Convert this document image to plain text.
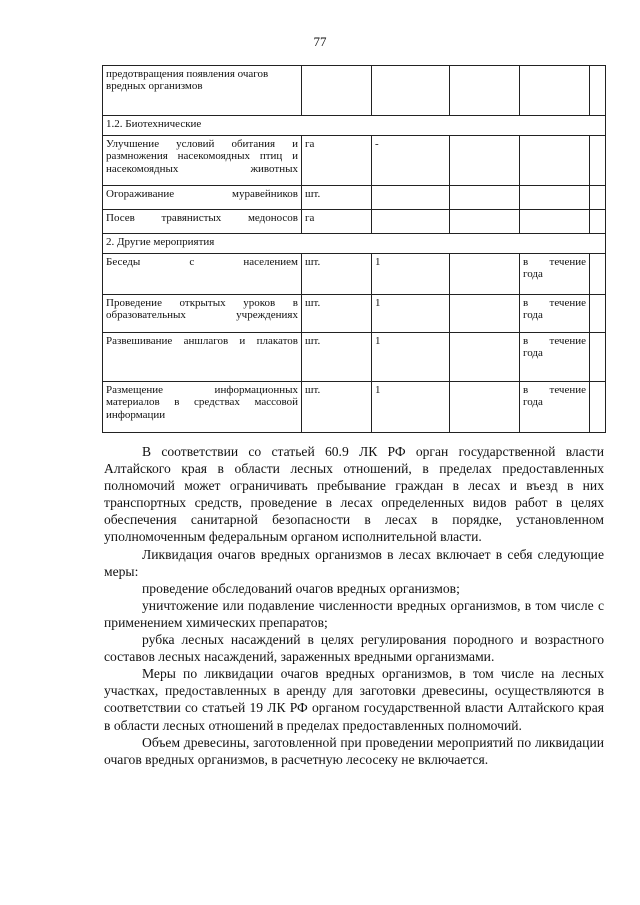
77
предотвращения появления очагов вредных организмов					
1.2. Биотехнические					
Улучшение условий обитания и размножения насекомоядных птиц и насекомоядных животных	га	-			
Огораживание муравейников	шт.				
Посев травянистых медоносов	га				
2. Другие мероприятия					
Беседы с населением	шт.	1		в течение года	
Проведение открытых уроков в образовательных учреждениях	шт.	1		в течение года	
Развешивание аншлагов и плакатов	шт.	1		в течение года	
Размещение информационных материалов в средствах массовой информации	шт.	1		в течение года	

В соответствии со статьей 60.9 ЛК РФ орган государственной власти Алтайского края в области лесных отношений, в пределах предоставленных полномочий может ограничивать пребывание граждан в лесах и въезд в них транспортных средств, проведение в лесах определенных видов работ в целях обеспечения санитарной безопасности в лесах в порядке, установленном уполномоченным федеральным органом исполнительной власти.

Ликвидация очагов вредных организмов в лесах включает в себя следующие меры:

проведение обследований очагов вредных организмов;

уничтожение или подавление численности вредных организмов, в том числе с применением химических препаратов;

рубка лесных насаждений в целях регулирования породного и возрастного составов лесных насаждений, зараженных вредными организмами.

Меры по ликвидации очагов вредных организмов, в том числе на лесных участках, предоставленных в аренду для заготовки древесины, осуществляются в соответствии со статьей 19 ЛК РФ органом государственной власти Алтайского края в области лесных отношений в пределах предоставленных полномочий.

Объем древесины, заготовленной при проведении мероприятий по ликвидации очагов вредных организмов, в расчетную лесосеку не включается.
